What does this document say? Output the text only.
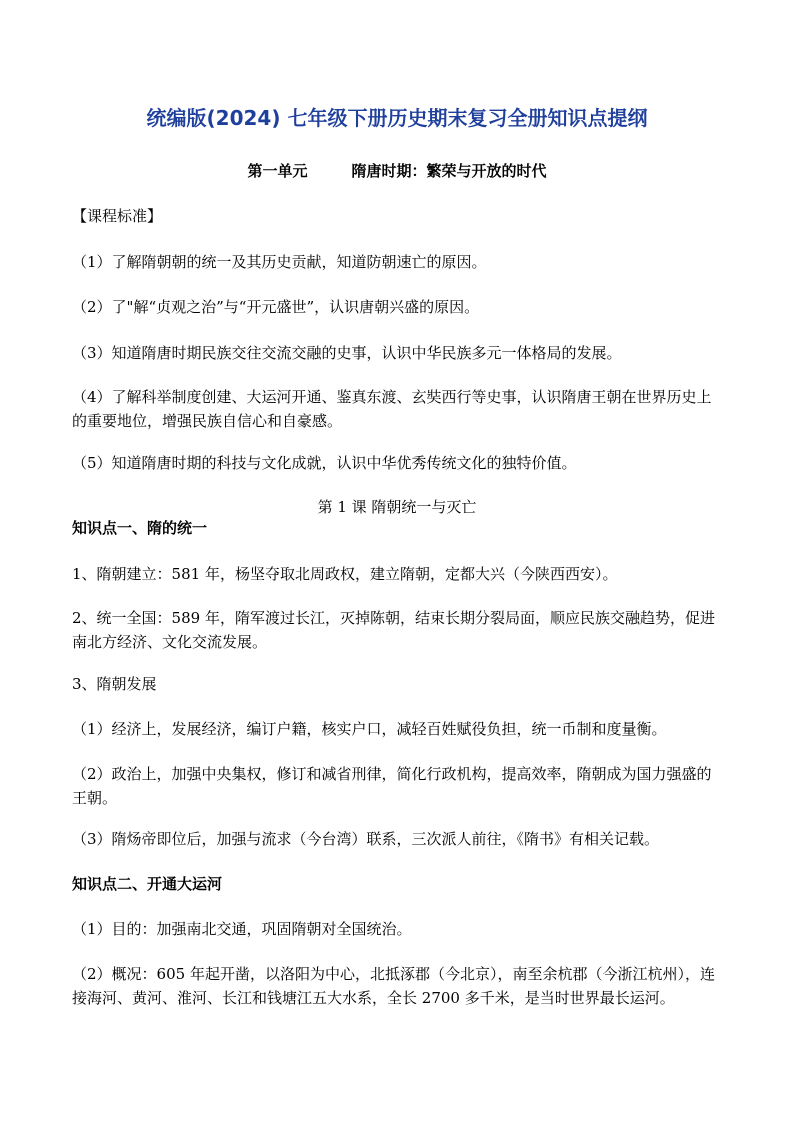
统编版(2024) 七年级下册历史期末复习全册知识点提纲
第一单元	隋唐时期：繁荣与开放的时代
【课程标准】
（1）了解隋朝朝的统一及其历史贡献，知道防朝速亡的原因。
（2）了"解“贞观之治”与“开元盛世”，认识唐朝兴盛的原因。
（3）知道隋唐时期民族交往交流交融的史事，认识中华民族多元一体格局的发展。
（4）了解科举制度创建、大运河开通、鉴真东渡、玄奘西行等史事，认识隋唐王朝在世界历史上的重要地位，增强民族自信心和自豪感。
（5）知道隋唐时期的科技与文化成就，认识中华优秀传统文化的独特价值。
第 1 课 隋朝统一与灭亡
知识点一、隋的统一
1、隋朝建立：581 年，杨坚夺取北周政权，建立隋朝，定都大兴（今陕西西安）。
2、统一全国：589 年，隋军渡过长江，灭掉陈朝，结束长期分裂局面，顺应民族交融趋势，促进南北方经济、文化交流发展。
3、隋朝发展
（1）经济上，发展经济，编订户籍，核实户口，减轻百姓赋役负担，统一币制和度量衡。
（2）政治上，加强中央集权，修订和减省刑律，简化行政机构，提高效率，隋朝成为国力强盛的王朝。
（3）隋炀帝即位后，加强与流求（今台湾）联系，三次派人前往，《隋书》有相关记载。
知识点二、开通大运河
（1）目的：加强南北交通，巩固隋朝对全国统治。
（2）概况：605 年起开凿，以洛阳为中心，北抵涿郡（今北京），南至余杭郡（今浙江杭州），连接海河、黄河、淮河、长江和钱塘江五大水系，全长 2700 多千米，是当时世界最长运河。
